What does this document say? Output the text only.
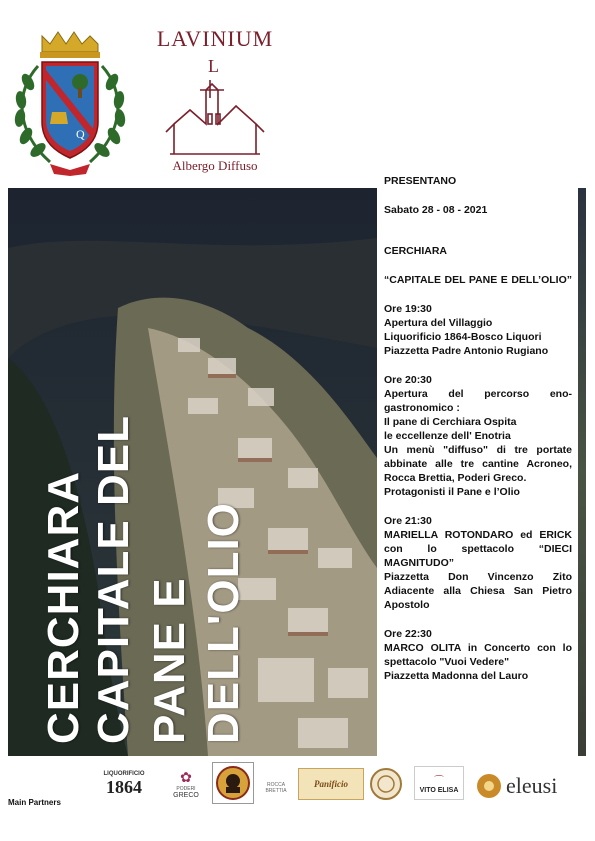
Q
LAVINIUM
L
Albergo Diffuso
CERCHIARA CAPITALE DEL PANE E DELL'OLIO

PRESENTANO

Sabato 28 - 08 - 2021

CERCHIARA

“CAPITALE DEL PANE E DELL’OLIO”

Ore 19:30

Apertura del Villaggio

Liquorificio 1864-Bosco Liquori

Piazzetta Padre Antonio Rugiano

Ore 20:30

Apertura del percorso eno-gastronomico :

Il pane di Cerchiara Ospita

le eccellenze dell' Enotria

Un menù "diffuso" di tre portate abbinate alle tre cantine Acroneo, Rocca Brettia, Poderi Greco.

Protagonisti il Pane e l’Olio

Ore 21:30

MARIELLA ROTONDARO ed ERICK con lo spettacolo “DIECI MAGNITUDO”

Piazzetta Don Vincenzo Zito Adiacente alla Chiesa San Pietro Apostolo

Ore 22:30

MARCO OLITA in Concerto con lo spettacolo "Vuoi Vedere"

Piazzetta Madonna del Lauro

Main Partners
LIQUORIFICIO
1864	✿
PODERI
GRECO
ROCCA BRETTIA
Panificio	⌒
VITO ELISA eleusi
